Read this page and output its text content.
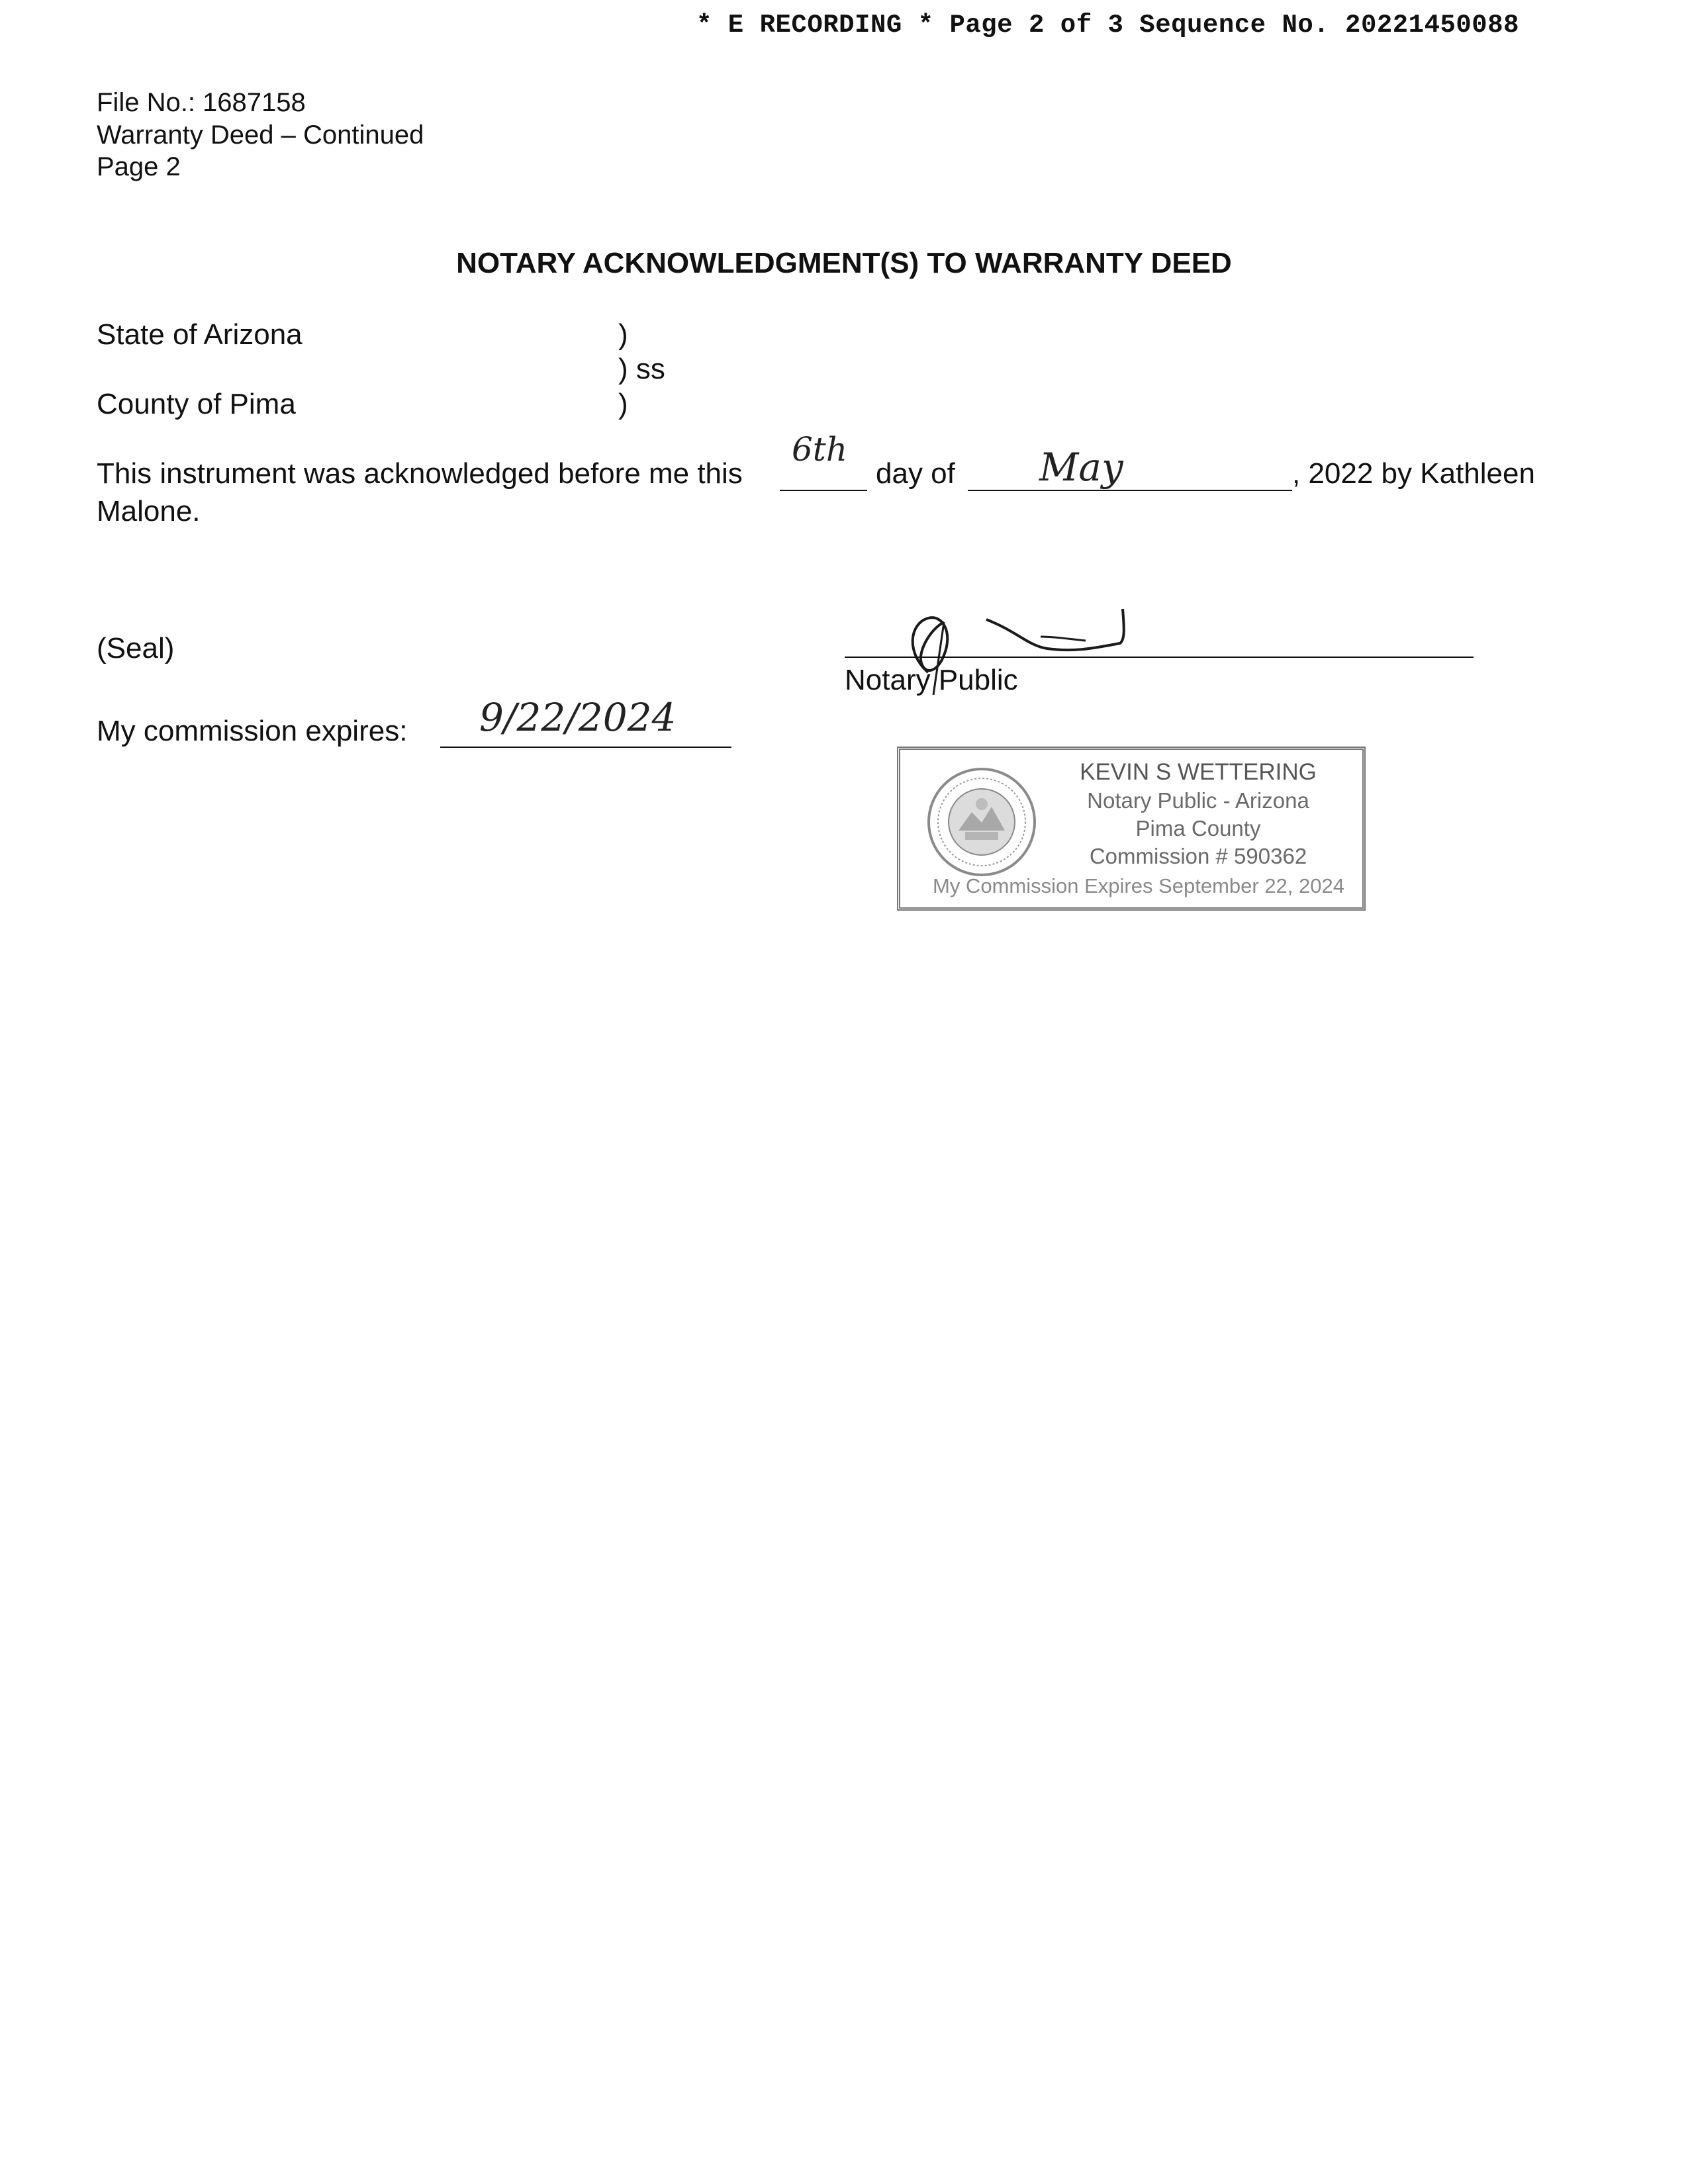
* E RECORDING * Page 2 of 3 Sequence No. 20221450088
File No.: 1687158
Warranty Deed – Continued
Page 2
NOTARY ACKNOWLEDGMENT(S) TO WARRANTY DEED
State of Arizona	)
) ss
County of Pima	)
This instrument was acknowledged before me this
6th
day of May	, 2022 by Kathleen
Malone.
(Seal)
Notary Public
My commission expires: 9/22/2024
KEVIN S WETTERING
Notary Public - Arizona
Pima County
Commission # 590362
My Commission Expires September 22, 2024
